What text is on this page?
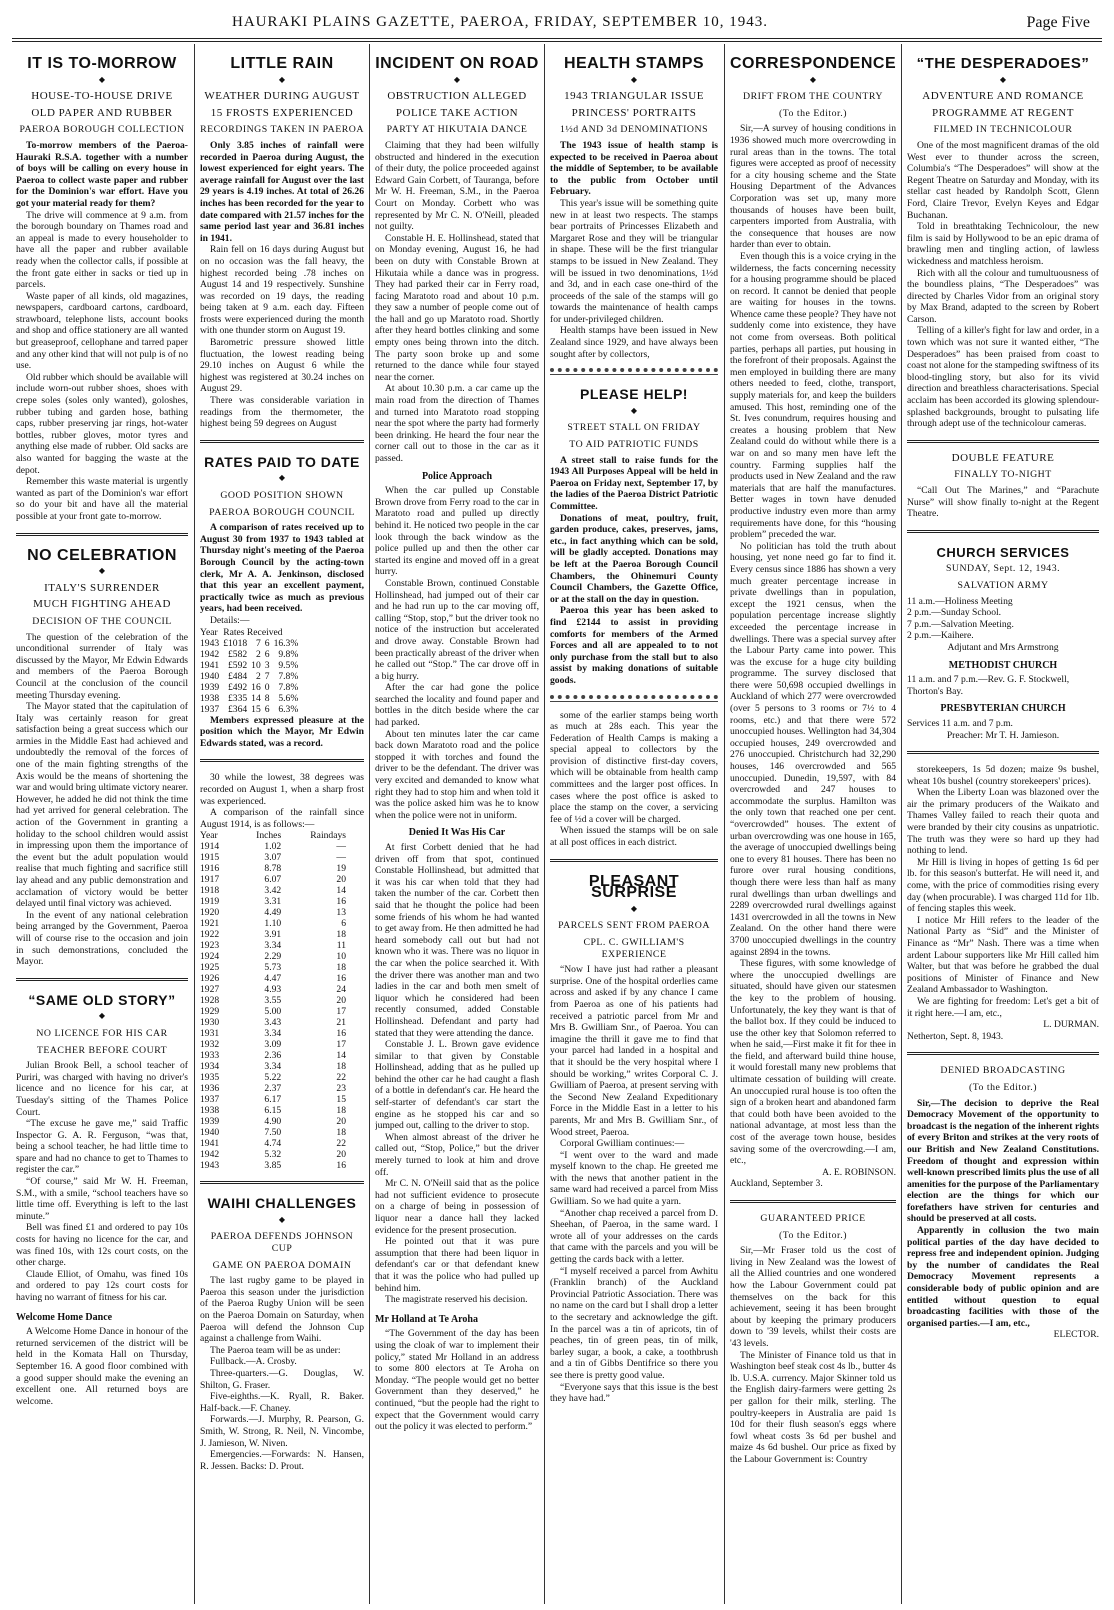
HAURAKI PLAINS GAZETTE, PAEROA, FRIDAY, SEPTEMBER 10, 1943.	Page Five
IT IS TO-MORROW
◆
HOUSE-TO-HOUSE DRIVE
OLD PAPER AND RUBBER
PAEROA BOROUGH COLLECTION

To-morrow members of the Paeroa-Hauraki R.S.A. together with a number of boys will be calling on every house in Paeroa to collect waste paper and rubber for the Dominion's war effort. Have you got your material ready for them?

The drive will commence at 9 a.m. from the borough boundary on Thames road and an appeal is made to every householder to have all the paper and rubber available ready when the collector calls, if possible at the front gate either in sacks or tied up in parcels.

Waste paper of all kinds, old magazines, newspapers, cardboard cartons, cardboard, strawboard, telephone lists, account books and shop and office stationery are all wanted but greaseproof, cellophane and tarred paper and any other kind that will not pulp is of no use.

Old rubber which should be available will include worn-out rubber shoes, shoes with crepe soles (soles only wanted), goloshes, rubber tubing and garden hose, bathing caps, rubber preserving jar rings, hot-water bottles, rubber gloves, motor tyres and anything else made of rubber. Old sacks are also wanted for bagging the waste at the depot.

Remember this waste material is urgently wanted as part of the Dominion's war effort so do your bit and have all the material possible at your front gate to-morrow.

NO CELEBRATION
◆
ITALY'S SURRENDER
MUCH FIGHTING AHEAD
DECISION OF THE COUNCIL

The question of the celebration of the unconditional surrender of Italy was discussed by the Mayor, Mr Edwin Edwards and members of the Paeroa Borough Council at the conclusion of the council meeting Thursday evening.

The Mayor stated that the capitulation of Italy was certainly reason for great satisfaction being a great success which our armies in the Middle East had achieved and undoubtedly the removal of the forces of one of the main fighting strengths of the Axis would be the means of shortening the war and would bring ultimate victory nearer. However, he added he did not think the time had yet arrived for general celebration. The action of the Government in granting a holiday to the school children would assist in impressing upon them the importance of the event but the adult population would realise that much fighting and sacrifice still lay ahead and any public demonstration and acclamation of victory would be better delayed until final victory was achieved.

In the event of any national celebration being arranged by the Government, Paeroa will of course rise to the occasion and join in such demonstrations, concluded the Mayor.

“SAME OLD STORY”
◆
NO LICENCE FOR HIS CAR
TEACHER BEFORE COURT

Julian Brook Bell, a school teacher of Puriri, was charged with having no driver's licence and no licence for his car, at Tuesday's sitting of the Thames Police Court.

“The excuse he gave me,” said Traffic Inspector G. A. R. Ferguson, “was that, being a school teacher, he had little time to spare and had no chance to get to Thames to register the car.”

“Of course,” said Mr W. H. Freeman, S.M., with a smile, “school teachers have so little time off. Everything is left to the last minute.”

Bell was fined £1 and ordered to pay 10s costs for having no licence for the car, and was fined 10s, with 12s court costs, on the other charge.

Claude Elliot, of Omahu, was fined 10s and ordered to pay 12s court costs for having no warrant of fitness for his car.

Welcome Home Dance

A Welcome Home Dance in honour of the returned servicemen of the district will be held in the Komata Hall on Thursday, September 16. A good floor combined with a good supper should make the evening an excellent one. All returned boys are welcome.

LITTLE RAIN
◆
WEATHER DURING AUGUST
15 FROSTS EXPERIENCED
RECORDINGS TAKEN IN PAEROA

Only 3.85 inches of rainfall were recorded in Paeroa during August, the lowest experienced for eight years. The average rainfall for August over the last 29 years is 4.19 inches. At total of 26.26 inches has been recorded for the year to date compared with 21.57 inches for the same period last year and 36.81 inches in 1941.

Rain fell on 16 days during August but on no occasion was the fall heavy, the highest recorded being .78 inches on August 14 and 19 respectively. Sunshine was recorded on 19 days, the reading being taken at 9 a.m. each day. Fifteen frosts were experienced during the month with one thunder storm on August 19.

Barometric pressure showed little fluctuation, the lowest reading being 29.10 inches on August 6 while the highest was registered at 30.24 inches on August 29.

There was considerable variation in readings from the thermometer, the highest being 59 degrees on August

RATES PAID TO DATE
◆
GOOD POSITION SHOWN
PAEROA BOROUGH COUNCIL

A comparison of rates received up to August 30 from 1937 to 1943 tabled at Thursday night's meeting of the Paeroa Borough Council by the acting-town clerk, Mr A. A. Jenkinson, disclosed that this year an excellent payment, practically twice as much as previous years, had been received.

Details:—

Year	Rates Received			
1943	£1018	7	6	16.3%
1942	£582	2	6	9.8%
1941	£592	10	3	9.5%
1940	£484	2	7	7.8%
1939	£492	16	0	7.8%
1938	£335	14	8	5.6%
1937	£364	15	6	6.3%

Members expressed pleasure at the position which the Mayor, Mr Edwin Edwards stated, was a record.

30 while the lowest, 38 degrees was recorded on August 1, when a sharp frost was experienced.

A comparison of the rainfall since August 1914, is as follows:—

Year	Inches	Raindays
1914	1.02	—
1915	3.07	—
1916	8.78	19
1917	6.07	20
1918	3.42	14
1919	3.31	16
1920	4.49	13
1921	1.10	6
1922	3.91	18
1923	3.34	11
1924	2.29	10
1925	5.73	18
1926	4.47	16
1927	4.93	24
1928	3.55	20
1929	5.00	17
1930	3.43	21
1931	3.34	16
1932	3.09	17
1933	2.36	14
1934	3.34	18
1935	5.22	22
1936	2.37	23
1937	6.17	15
1938	6.15	18
1939	4.90	20
1940	7.50	18
1941	4.74	22
1942	5.32	20
1943	3.85	16
WAIHI CHALLENGES
◆
PAEROA DEFENDS JOHNSON CUP
GAME ON PAEROA DOMAIN

The last rugby game to be played in Paeroa this season under the jurisdiction of the Paeroa Rugby Union will be seen on the Paeroa Domain on Saturday, when Paeroa will defend the Johnson Cup against a challenge from Waihi.

The Paeroa team will be as under:

Fullback.—A. Crosby.

Three-quarters.—G. Douglas, W. Shilton, G. Fraser.

Five-eighths.—K. Ryall, R. Baker. Half-back.—F. Chaney.

Forwards.—J. Murphy, R. Pearson, G. Smith, W. Strong, R. Neil, N. Vincombe, J. Jamieson, W. Niven.

Emergencies.—Forwards: N. Hansen, R. Jessen. Backs: D. Prout.

INCIDENT ON ROAD
◆
OBSTRUCTION ALLEGED
POLICE TAKE ACTION
PARTY AT HIKUTAIA DANCE

Claiming that they had been wilfully obstructed and hindered in the execution of their duty, the police proceeded against Edward Gain Corbett, of Tauranga, before Mr W. H. Freeman, S.M., in the Paeroa Court on Monday. Corbett who was represented by Mr C. N. O'Neill, pleaded not guilty.

Constable H. E. Hollinshead, stated that on Monday evening, August 16, he had been on duty with Constable Brown at Hikutaia while a dance was in progress. They had parked their car in Ferry road, facing Maratoto road and about 10 p.m. they saw a number of people come out of the hall and go up Maratoto road. Shortly after they heard bottles clinking and some empty ones being thrown into the ditch. The party soon broke up and some returned to the dance while four stayed near the corner.

At about 10.30 p.m. a car came up the main road from the direction of Thames and turned into Maratoto road stopping near the spot where the party had formerly been drinking. He heard the four near the corner call out to those in the car as it passed.

Police Approach

When the car pulled up Constable Brown drove from Ferry road to the car in Maratoto road and pulled up directly behind it. He noticed two people in the car look through the back window as the police pulled up and then the other car started its engine and moved off in a great hurry.

Constable Brown, continued Constable Hollinshead, had jumped out of their car and he had run up to the car moving off, calling “Stop, stop,” but the driver took no notice of the instruction but accelerated and drove away. Constable Brown had been practically abreast of the driver when he called out “Stop.” The car drove off in a big hurry.

After the car had gone the police searched the locality and found paper and bottles in the ditch beside where the car had parked.

About ten minutes later the car came back down Maratoto road and the police stopped it with torches and found the driver to be the defendant. The driver was very excited and demanded to know what right they had to stop him and when told it was the police asked him was he to know when the police were not in uniform.

Denied It Was His Car

At first Corbett denied that he had driven off from that spot, continued Constable Hollinshead, but admitted that it was his car when told that they had taken the number of the car. Corbett then said that he thought the police had been some friends of his whom he had wanted to get away from. He then admitted he had heard somebody call out but had not known who it was. There was no liquor in the car when the police searched it. With the driver there was another man and two ladies in the car and both men smelt of liquor which he considered had been recently consumed, added Constable Hollinshead. Defendant and party had stated that they were attending the dance.

Constable J. L. Brown gave evidence similar to that given by Constable Hollinshead, adding that as he pulled up behind the other car he had caught a flash of a bottle in defendant's car. He heard the self-starter of defendant's car start the engine as he stopped his car and so jumped out, calling to the driver to stop.

When almost abreast of the driver he called out, “Stop, Police,” but the driver merely turned to look at him and drove off.

Mr C. N. O'Neill said that as the police had not sufficient evidence to prosecute on a charge of being in possession of liquor near a dance hall they lacked evidence for the present prosecution.

He pointed out that it was pure assumption that there had been liquor in defendant's car or that defendant knew that it was the police who had pulled up behind him.

The magistrate reserved his decision.

Mr Holland at Te Aroha

“The Government of the day has been using the cloak of war to implement their policy,” stated Mr Holland in an address to some 800 electors at Te Aroha on Monday. “The people would get no better Government than they deserved,” he continued, “but the people had the right to expect that the Government would carry out the policy it was elected to perform.”

HEALTH STAMPS
◆
1943 TRIANGULAR ISSUE
PRINCESS' PORTRAITS
1½d AND 3d DENOMINATIONS

The 1943 issue of health stamp is expected to be received in Paeroa about the middle of September, to be available to the public from October until February.

This year's issue will be something quite new in at least two respects. The stamps bear portraits of Princesses Elizabeth and Margaret Rose and they will be triangular in shape. These will be the first triangular stamps to be issued in New Zealand. They will be issued in two denominations, 1½d and 3d, and in each case one-third of the proceeds of the sale of the stamps will go towards the maintenance of health camps for under-privileged children.

Health stamps have been issued in New Zealand since 1929, and have always been sought after by collectors,

PLEASE HELP!
◆
STREET STALL ON FRIDAY
TO AID PATRIOTIC FUNDS

A street stall to raise funds for the 1943 All Purposes Appeal will be held in Paeroa on Friday next, September 17, by the ladies of the Paeroa District Patriotic Committee.

Donations of meat, poultry, fruit, garden produce, cakes, preserves, jams, etc., in fact anything which can be sold, will be gladly accepted. Donations may be left at the Paeroa Borough Council Chambers, the Ohinemuri County Council Chambers, the Gazette Office, or at the stall on the day in question.

Paeroa this year has been asked to find £2144 to assist in providing comforts for members of the Armed Forces and all are appealed to to not only purchase from the stall but to also assist by making donations of suitable goods.

some of the earlier stamps being worth as much at 28s each. This year the Federation of Health Camps is making a special appeal to collectors by the provision of distinctive first-day covers, which will be obtainable from health camp committees and the larger post offices. In cases where the post office is asked to place the stamp on the cover, a servicing fee of ½d a cover will be charged.

When issued the stamps will be on sale at all post offices in each district.

PLEASANT SURPRISE
◆
PARCELS SENT FROM PAEROA
CPL. C. GWILLIAM'S EXPERIENCE

“Now I have just had rather a pleasant surprise. One of the hospital orderlies came across and asked if by any chance I came from Paeroa as one of his patients had received a patriotic parcel from Mr and Mrs B. Gwilliam Snr., of Paeroa. You can imagine the thrill it gave me to find that your parcel had landed in a hospital and that it should be the very hospital where I should be working,” writes Corporal C. J. Gwilliam of Paeroa, at present serving with the Second New Zealand Expeditionary Force in the Middle East in a letter to his parents, Mr and Mrs B. Gwilliam Snr., of Wood street, Paeroa.

Corporal Gwilliam continues:—

“I went over to the ward and made myself known to the chap. He greeted me with the news that another patient in the same ward had received a parcel from Miss Gwilliam. So we had quite a yarn.

“Another chap received a parcel from D. Sheehan, of Paeroa, in the same ward. I wrote all of your addresses on the cards that came with the parcels and you will be getting the cards back with a letter.

“I myself received a parcel from Awhitu (Franklin branch) of the Auckland Provincial Patriotic Association. There was no name on the card but I shall drop a letter to the secretary and acknowledge the gift. In the parcel was a tin of apricots, tin of peaches, tin of green peas, tin of milk, barley sugar, a book, a cake, a toothbrush and a tin of Gibbs Dentifrice so there you see there is pretty good value.

“Everyone says that this issue is the best they have had.”

CORRESPONDENCE
◆
DRIFT FROM THE COUNTRY
(To the Editor.)

Sir,—A survey of housing conditions in 1936 showed much more overcrowding in rural areas than in the towns. The total figures were accepted as proof of necessity for a city housing scheme and the State Housing Department of the Advances Corporation was set up, many more thousands of houses have been built, carpenters imported from Australia, with the consequence that houses are now harder than ever to obtain.

Even though this is a voice crying in the wilderness, the facts concerning necessity for a housing programme should be placed on record. It cannot be denied that people are waiting for houses in the towns. Whence came these people? They have not suddenly come into existence, they have not come from overseas. Both political parties, perhaps all parties, put housing in the forefront of their proposals. Against the men employed in building there are many others needed to feed, clothe, transport, supply materials for, and keep the builders amused. This host, reminding one of the St. Ives conundrum, requires housing and creates a housing problem that New Zealand could do without while there is a war on and so many men have left the country. Farming supplies half the products used in New Zealand and the raw materials that are half the manufactures. Better wages in town have denuded productive industry even more than army requirements have done, for this “housing problem” preceded the war.

No politician has told the truth about housing, yet none need go far to find it. Every census since 1886 has shown a very much greater percentage increase in private dwellings than in population, except the 1921 census, when the population percentage increase slightly exceeded the percentage increase in dwellings. There was a special survey after the Labour Party came into power. This was the excuse for a huge city building programme. The survey disclosed that there were 50,698 occupied dwellings in Auckland of which 277 were overcrowded (over 5 persons to 3 rooms or 7½ to 4 rooms, etc.) and that there were 572 unoccupied houses. Wellington had 34,304 occupied houses, 249 overcrowded and 276 unoccupied. Christchurch had 32,290 houses, 146 overcrowded and 565 unoccupied. Dunedin, 19,597, with 84 overcrowded and 247 houses to accommodate the surplus. Hamilton was the only town that reached one per cent. “overcrowded” houses. The extent of urban overcrowding was one house in 165, the average of unoccupied dwellings being one to every 81 houses. There has been no furore over rural housing conditions, though there were less than half as many rural dwellings than urban dwellings and 2289 overcrowded rural dwellings against 1431 overcrowded in all the towns in New Zealand. On the other hand there were 3700 unoccupied dwellings in the country against 2894 in the towns.

These figures, with some knowledge of where the unoccupied dwellings are situated, should have given our statesmen the key to the problem of housing. Unfortunately, the key they want is that of the ballot box. If they could be induced to use the other key that Solomon referred to when he said,—First make it fit for thee in the field, and afterward build thine house, it would forestall many new problems that ultimate cessation of building will create. An unoccupied rural house is too often the sign of a broken heart and abandoned farm that could both have been avoided to the national advantage, at most less than the cost of the average town house, besides saving some of the overcrowding.—I am, etc.,

A. E. ROBINSON.
Auckland, September 3.
GUARANTEED PRICE
(To the Editor.)

Sir,—Mr Fraser told us the cost of living in New Zealand was the lowest of all the Allied countries and one wondered how the Labour Government could pat themselves on the back for this achievement, seeing it has been brought about by keeping the primary producers down to '39 levels, whilst their costs are '43 levels.

The Minister of Finance told us that in Washington beef steak cost 4s lb., butter 4s lb. U.S.A. currency. Major Skinner told us the English dairy-farmers were getting 2s per gallon for their milk, sterling. The poultry-keepers in Australia are paid 1s 10d for their flush season's eggs where fowl wheat costs 3s 6d per bushel and maize 4s 6d bushel. Our price as fixed by the Labour Government is: Country

“THE DESPERADOES”
◆
ADVENTURE AND ROMANCE
PROGRAMME AT REGENT
FILMED IN TECHNICOLOUR

One of the most magnificent dramas of the old West ever to thunder across the screen, Columbia's “The Desperadoes” will show at the Regent Theatre on Saturday and Monday, with its stellar cast headed by Randolph Scott, Glenn Ford, Claire Trevor, Evelyn Keyes and Edgar Buchanan.

Told in breathtaking Technicolour, the new film is said by Hollywood to be an epic drama of brawling men and tingling action, of lawless wickedness and matchless heroism.

Rich with all the colour and tumultuousness of the boundless plains, “The Desperadoes” was directed by Charles Vidor from an original story by Max Brand, adapted to the screen by Robert Carson.

Telling of a killer's fight for law and order, in a town which was not sure it wanted either, “The Desperadoes” has been praised from coast to coast not alone for the stampeding swiftness of its blood-tingling story, but also for its vivid direction and breathless characterisations. Special acclaim has been accorded its glowing splendour-splashed backgrounds, brought to pulsating life through adept use of the technicolour cameras.

DOUBLE FEATURE
FINALLY TO-NIGHT

“Call Out The Marines,” and “Parachute Nurse” will show finally to-night at the Regent Theatre.

CHURCH SERVICES
SUNDAY, Sept. 12, 1943.
SALVATION ARMY
11 a.m.—Holiness Meeting
2 p.m.—Sunday School.
7 p.m.—Salvation Meeting.
2 p.m.—Kaihere.
Adjutant and Mrs Armstrong
METHODIST CHURCH
11 a.m. and 7 p.m.—Rev. G. F. Stockwell, Thorton's Bay.
PRESBYTERIAN CHURCH
Services 11 a.m. and 7 p.m.
Preacher: Mr T. H. Jamieson.

storekeepers, 1s 5d dozen; maize 9s bushel, wheat 10s bushel (country storekeepers' prices).

When the Liberty Loan was blazoned over the air the primary producers of the Waikato and Thames Valley failed to reach their quota and were branded by their city cousins as unpatriotic. The truth was they were so hard up they had nothing to lend.

Mr Hill is living in hopes of getting 1s 6d per lb. for this season's butterfat. He will need it, and come, with the price of commodities rising every day (when procurable). I was charged 11d for 1lb. of fencing staples this week.

I notice Mr Hill refers to the leader of the National Party as “Sid” and the Minister of Finance as “Mr” Nash. There was a time when ardent Labour supporters like Mr Hill called him Walter, but that was before he grabbed the dual positions of Minister of Finance and New Zealand Ambassador to Washington.

We are fighting for freedom: Let's get a bit of it right here.—I am, etc.,

L. DURMAN.
Netherton, Sept. 8, 1943.
DENIED BROADCASTING
(To the Editor.)

Sir,—The decision to deprive the Real Democracy Movement of the opportunity to broadcast is the negation of the inherent rights of every Briton and strikes at the very roots of our British and New Zealand Constitutions. Freedom of thought and expression within well-known prescribed limits plus the use of all amenities for the purpose of the Parliamentary election are the things for which our forefathers have striven for centuries and should be preserved at all costs.

Apparently in collusion the two main political parties of the day have decided to repress free and independent opinion. Judging by the number of candidates the Real Democracy Movement represents a considerable body of public opinion and are entitled without question to equal broadcasting facilities with those of the organised parties.—I am, etc.,

ELECTOR.
